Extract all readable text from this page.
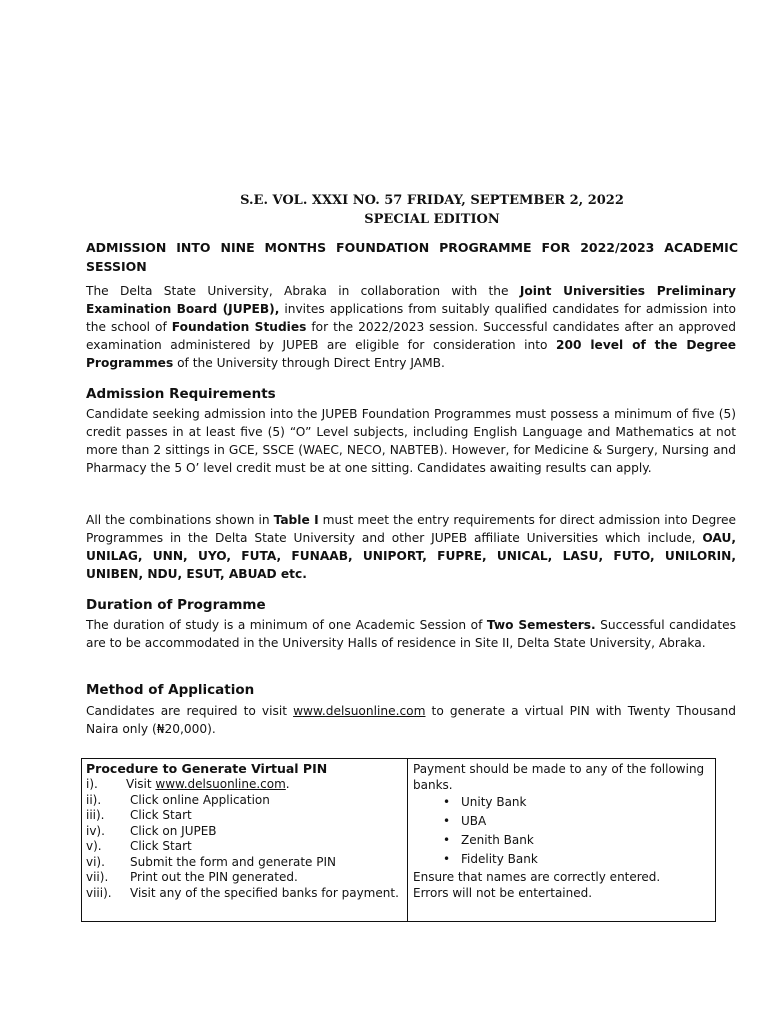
S.E. VOL. XXXI NO. 57 FRIDAY, SEPTEMBER 2, 2022
SPECIAL EDITION
ADMISSION INTO NINE MONTHS FOUNDATION PROGRAMME FOR 2022/2023 ACADEMIC SESSION
The Delta State University, Abraka in collaboration with the Joint Universities Preliminary Examination Board (JUPEB), invites applications from suitably qualified candidates for admission into the school of Foundation Studies for the 2022/2023 session. Successful candidates after an approved examination administered by JUPEB are eligible for consideration into 200 level of the Degree Programmes of the University through Direct Entry JAMB.
Admission Requirements
Candidate seeking admission into the JUPEB Foundation Programmes must possess a minimum of five (5) credit passes in at least five (5) “O” Level subjects, including English Language and Mathematics at not more than 2 sittings in GCE, SSCE (WAEC, NECO, NABTEB). However, for Medicine & Surgery, Nursing and Pharmacy the 5 O’ level credit must be at one sitting. Candidates awaiting results can apply.
All the combinations shown in Table I must meet the entry requirements for direct admission into Degree Programmes in the Delta State University and other JUPEB affiliate Universities which include, OAU, UNILAG, UNN, UYO, FUTA, FUNAAB, UNIPORT, FUPRE, UNICAL, LASU, FUTO, UNILORIN, UNIBEN, NDU, ESUT, ABUAD etc.
Duration of Programme
The duration of study is a minimum of one Academic Session of Two Semesters. Successful candidates are to be accommodated in the University Halls of residence in Site II, Delta State University, Abraka.
Method of Application
Candidates are required to visit www.delsuonline.com to generate a virtual PIN with Twenty Thousand Naira only (₦20,000).
Procedure to Generate Virtual PIN
i).	Visit www.delsuonline.com.
ii).	Click online Application
iii).	Click Start
iv).	Click on JUPEB
v).	Click Start
vi).	Submit the form and generate PIN
vii).	Print out the PIN generated.
viii).	Visit any of the specified banks for payment.
Payment should be made to any of the following banks.
• Unity Bank
• UBA
• Zenith Bank
• Fidelity Bank
Ensure that names are correctly entered.
Errors will not be entertained.
